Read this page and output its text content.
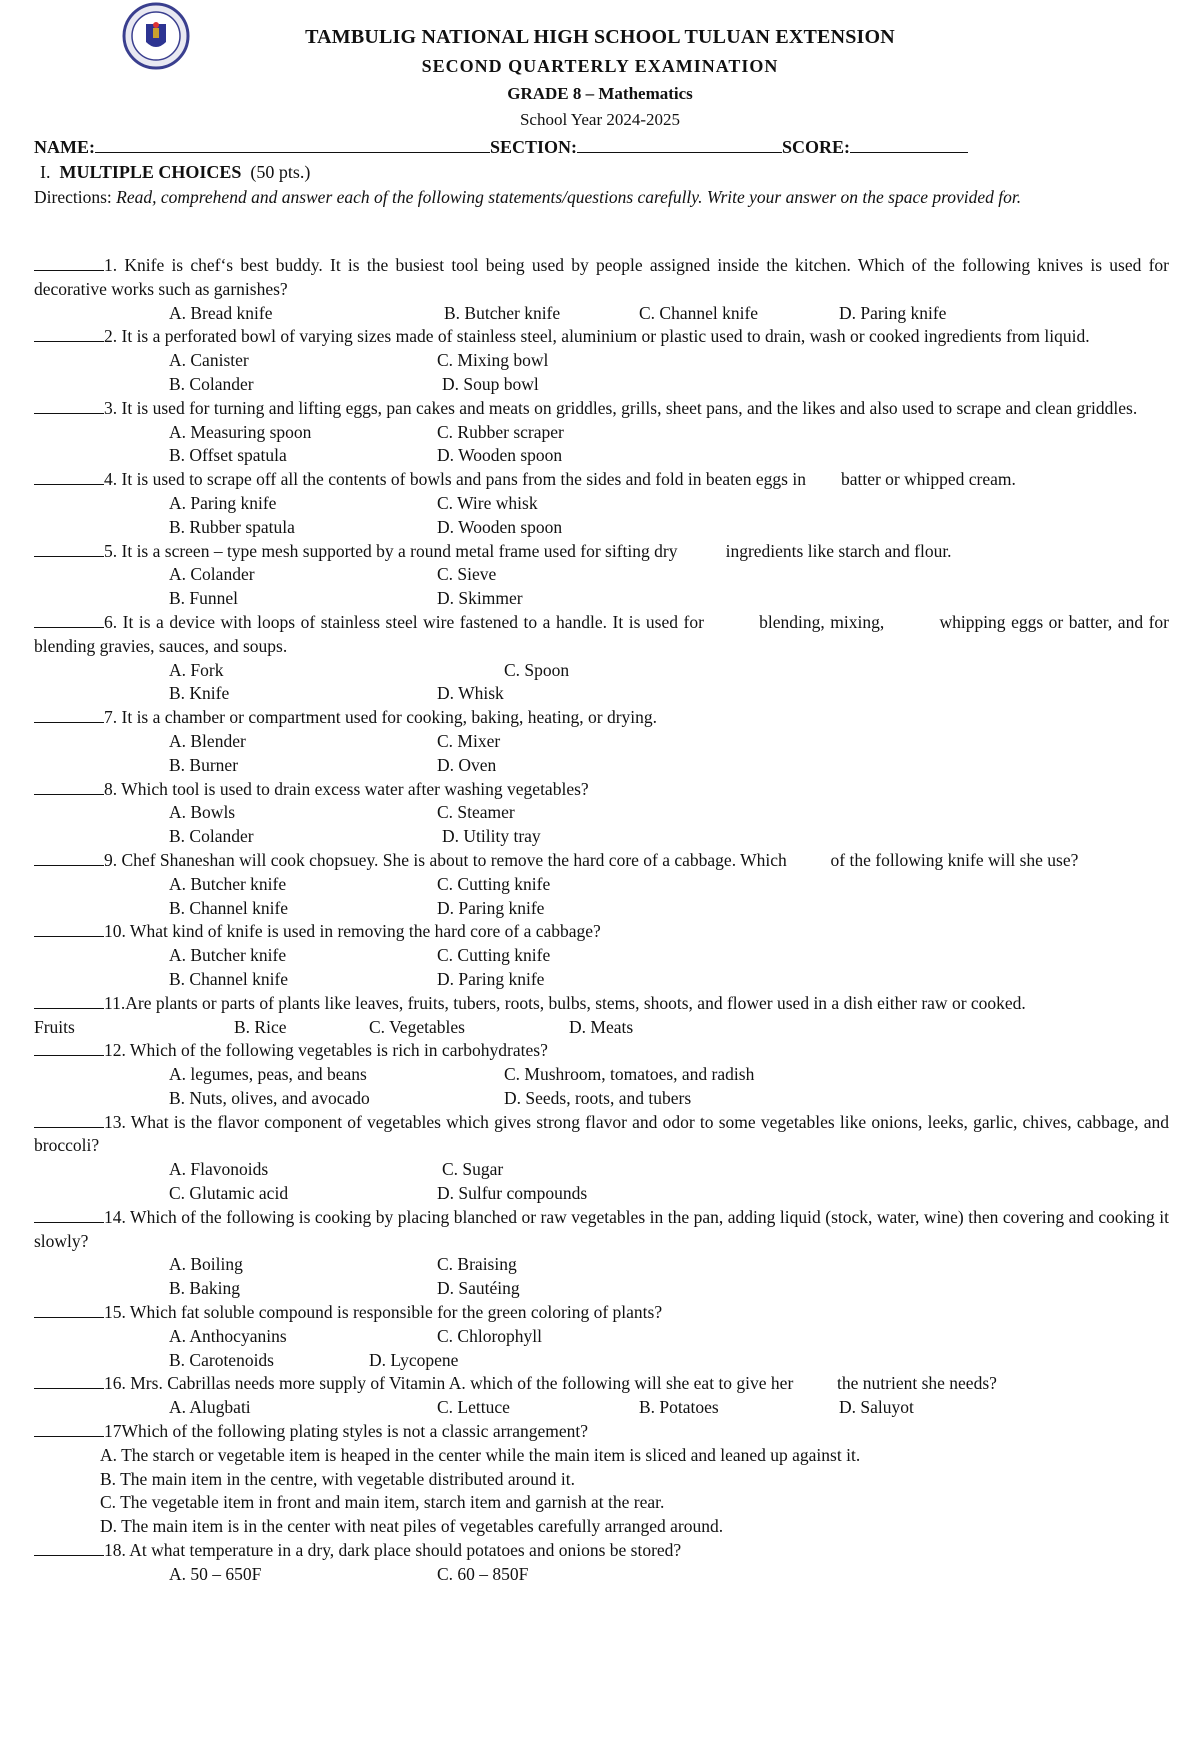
TAMBULIG NATIONAL HIGH SCHOOL TULUAN EXTENSION
SECOND QUARTERLY EXAMINATION
GRADE 8 – Mathematics
School Year 2024-2025
NAME:	SECTION:	SCORE:
I. MULTIPLE CHOICES (50 pts.)
Directions: Read, comprehend and answer each of the following statements/questions carefully. Write your answer on the space provided for.
1. Knife is chef‘s best buddy. It is the busiest tool being used by people assigned inside the kitchen. Which of the following knives is used for decorative works such as garnishes?
A. Bread knife	B. Butcher knife	C. Channel knife	D. Paring knife
2. It is a perforated bowl of varying sizes made of stainless steel, aluminium or plastic used to drain, wash or cooked ingredients from liquid.
A. Canister	C. Mixing bowl
B. Colander	D. Soup bowl
3. It is used for turning and lifting eggs, pan cakes and meats on griddles, grills, sheet pans, and the likes and also used to scrape and clean griddles.
A. Measuring spoon	C. Rubber scraper
B. Offset spatula	D. Wooden spoon
4. It is used to scrape off all the contents of bowls and pans from the sides and fold in beaten eggs in        batter or whipped cream.
A. Paring knife	C. Wire whisk
B. Rubber spatula	D. Wooden spoon
5. It is a screen – type mesh supported by a round metal frame used for sifting dry           ingredients like starch and flour.
A. Colander	C. Sieve
B. Funnel	D. Skimmer
6. It is a device with loops of stainless steel wire fastened to a handle. It is used for          blending, mixing,          whipping eggs or batter, and for blending gravies, sauces, and soups.
A. Fork	C. Spoon
B. Knife	D. Whisk
7. It is a chamber or compartment used for cooking, baking, heating, or drying.
A. Blender	C. Mixer
B. Burner	D. Oven
8. Which tool is used to drain excess water after washing vegetables?
A. Bowls	C. Steamer
B. Colander	D. Utility tray
9. Chef Shaneshan will cook chopsuey. She is about to remove the hard core of a cabbage. Which          of the following knife will she use?
A. Butcher knife	C. Cutting knife
B. Channel knife	D. Paring knife
10. What kind of knife is used in removing the hard core of a cabbage?
A. Butcher knife	C. Cutting knife
B. Channel knife	D. Paring knife
11.Are plants or parts of plants like leaves, fruits, tubers, roots, bulbs, stems, shoots, and flower used in a dish either raw or cooked.
Fruits	B. Rice	C. Vegetables	D. Meats
12. Which of the following vegetables is rich in carbohydrates?
A. legumes, peas, and beans	C. Mushroom, tomatoes, and radish
B. Nuts, olives, and avocado	D. Seeds, roots, and tubers
13. What is the flavor component of vegetables which gives strong flavor and odor to some vegetables like onions, leeks, garlic, chives, cabbage, and broccoli?
A. Flavonoids	C. Sugar
C. Glutamic acid	D. Sulfur compounds
14. Which of the following is cooking by placing blanched or raw vegetables in the pan, adding liquid (stock, water, wine) then covering and cooking it slowly?
A. Boiling	C. Braising
B. Baking	D. Sautéing
15. Which fat soluble compound is responsible for the green coloring of plants?
A. Anthocyanins	C. Chlorophyll
B. Carotenoids	D. Lycopene
16. Mrs. Cabrillas needs more supply of Vitamin A. which of the following will she eat to give her          the nutrient she needs?
A. Alugbati	C. Lettuce	B. Potatoes	D. Saluyot
17Which of the following plating styles is not a classic arrangement?
A. The starch or vegetable item is heaped in the center while the main item is sliced and leaned up against it.
B. The main item in the centre, with vegetable distributed around it.
C. The vegetable item in front and main item, starch item and garnish at the rear.
D. The main item is in the center with neat piles of vegetables carefully arranged around.
18. At what temperature in a dry, dark place should potatoes and onions be stored?
A. 50 – 650F	C. 60 – 850F
